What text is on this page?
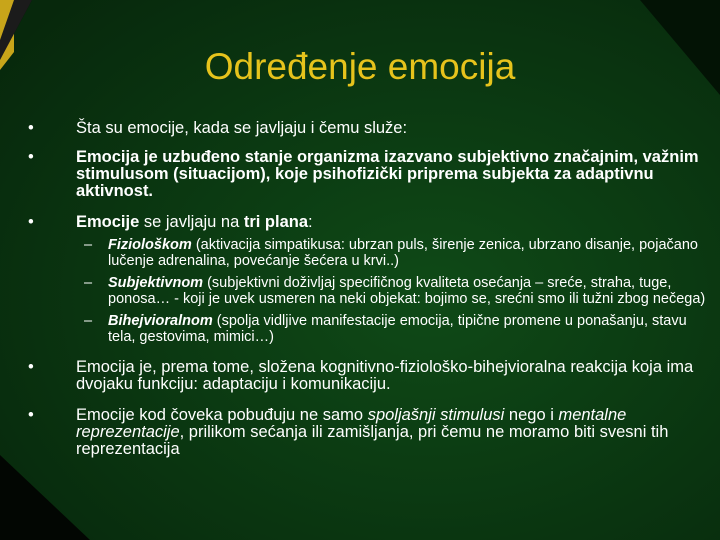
Određenje emocija
•	Šta su emocije, kada se javljaju i čemu služe:
•	Emocija je uzbuđeno stanje organizma izazvano subjektivno značajnim, važnim stimulusom (situacijom), koje psihofizički priprema subjekta za adaptivnu aktivnost.
•	Emocije se javljaju na tri plana:
– Fiziološkom (aktivacija simpatikusa: ubrzan puls, širenje zenica, ubrzano disanje, pojačano lučenje adrenalina, povećanje šećera u krvi..)
– Subjektivnom (subjektivni doživljaj specifičnog kvaliteta osećanja – sreće, straha, tuge, ponosa… - koji je uvek usmeren na neki objekat: bojimo se, srećni smo ili tužni zbog nečega)
– Bihejvioralnom (spolja vidljive manifestacije emocija, tipične promene u ponašanju, stavu tela, gestovima, mimici…)
•	Emocija je, prema tome, složena kognitivno-fiziološko-bihejvioralna reakcija koja ima dvojaku funkciju: adaptaciju i komunikaciju.
•	Emocije kod čoveka pobuđuju ne samo spoljašnji stimulusi nego i mentalne reprezentacije, prilikom sećanja ili zamišljanja, pri čemu ne moramo biti svesni tih reprezentacija
